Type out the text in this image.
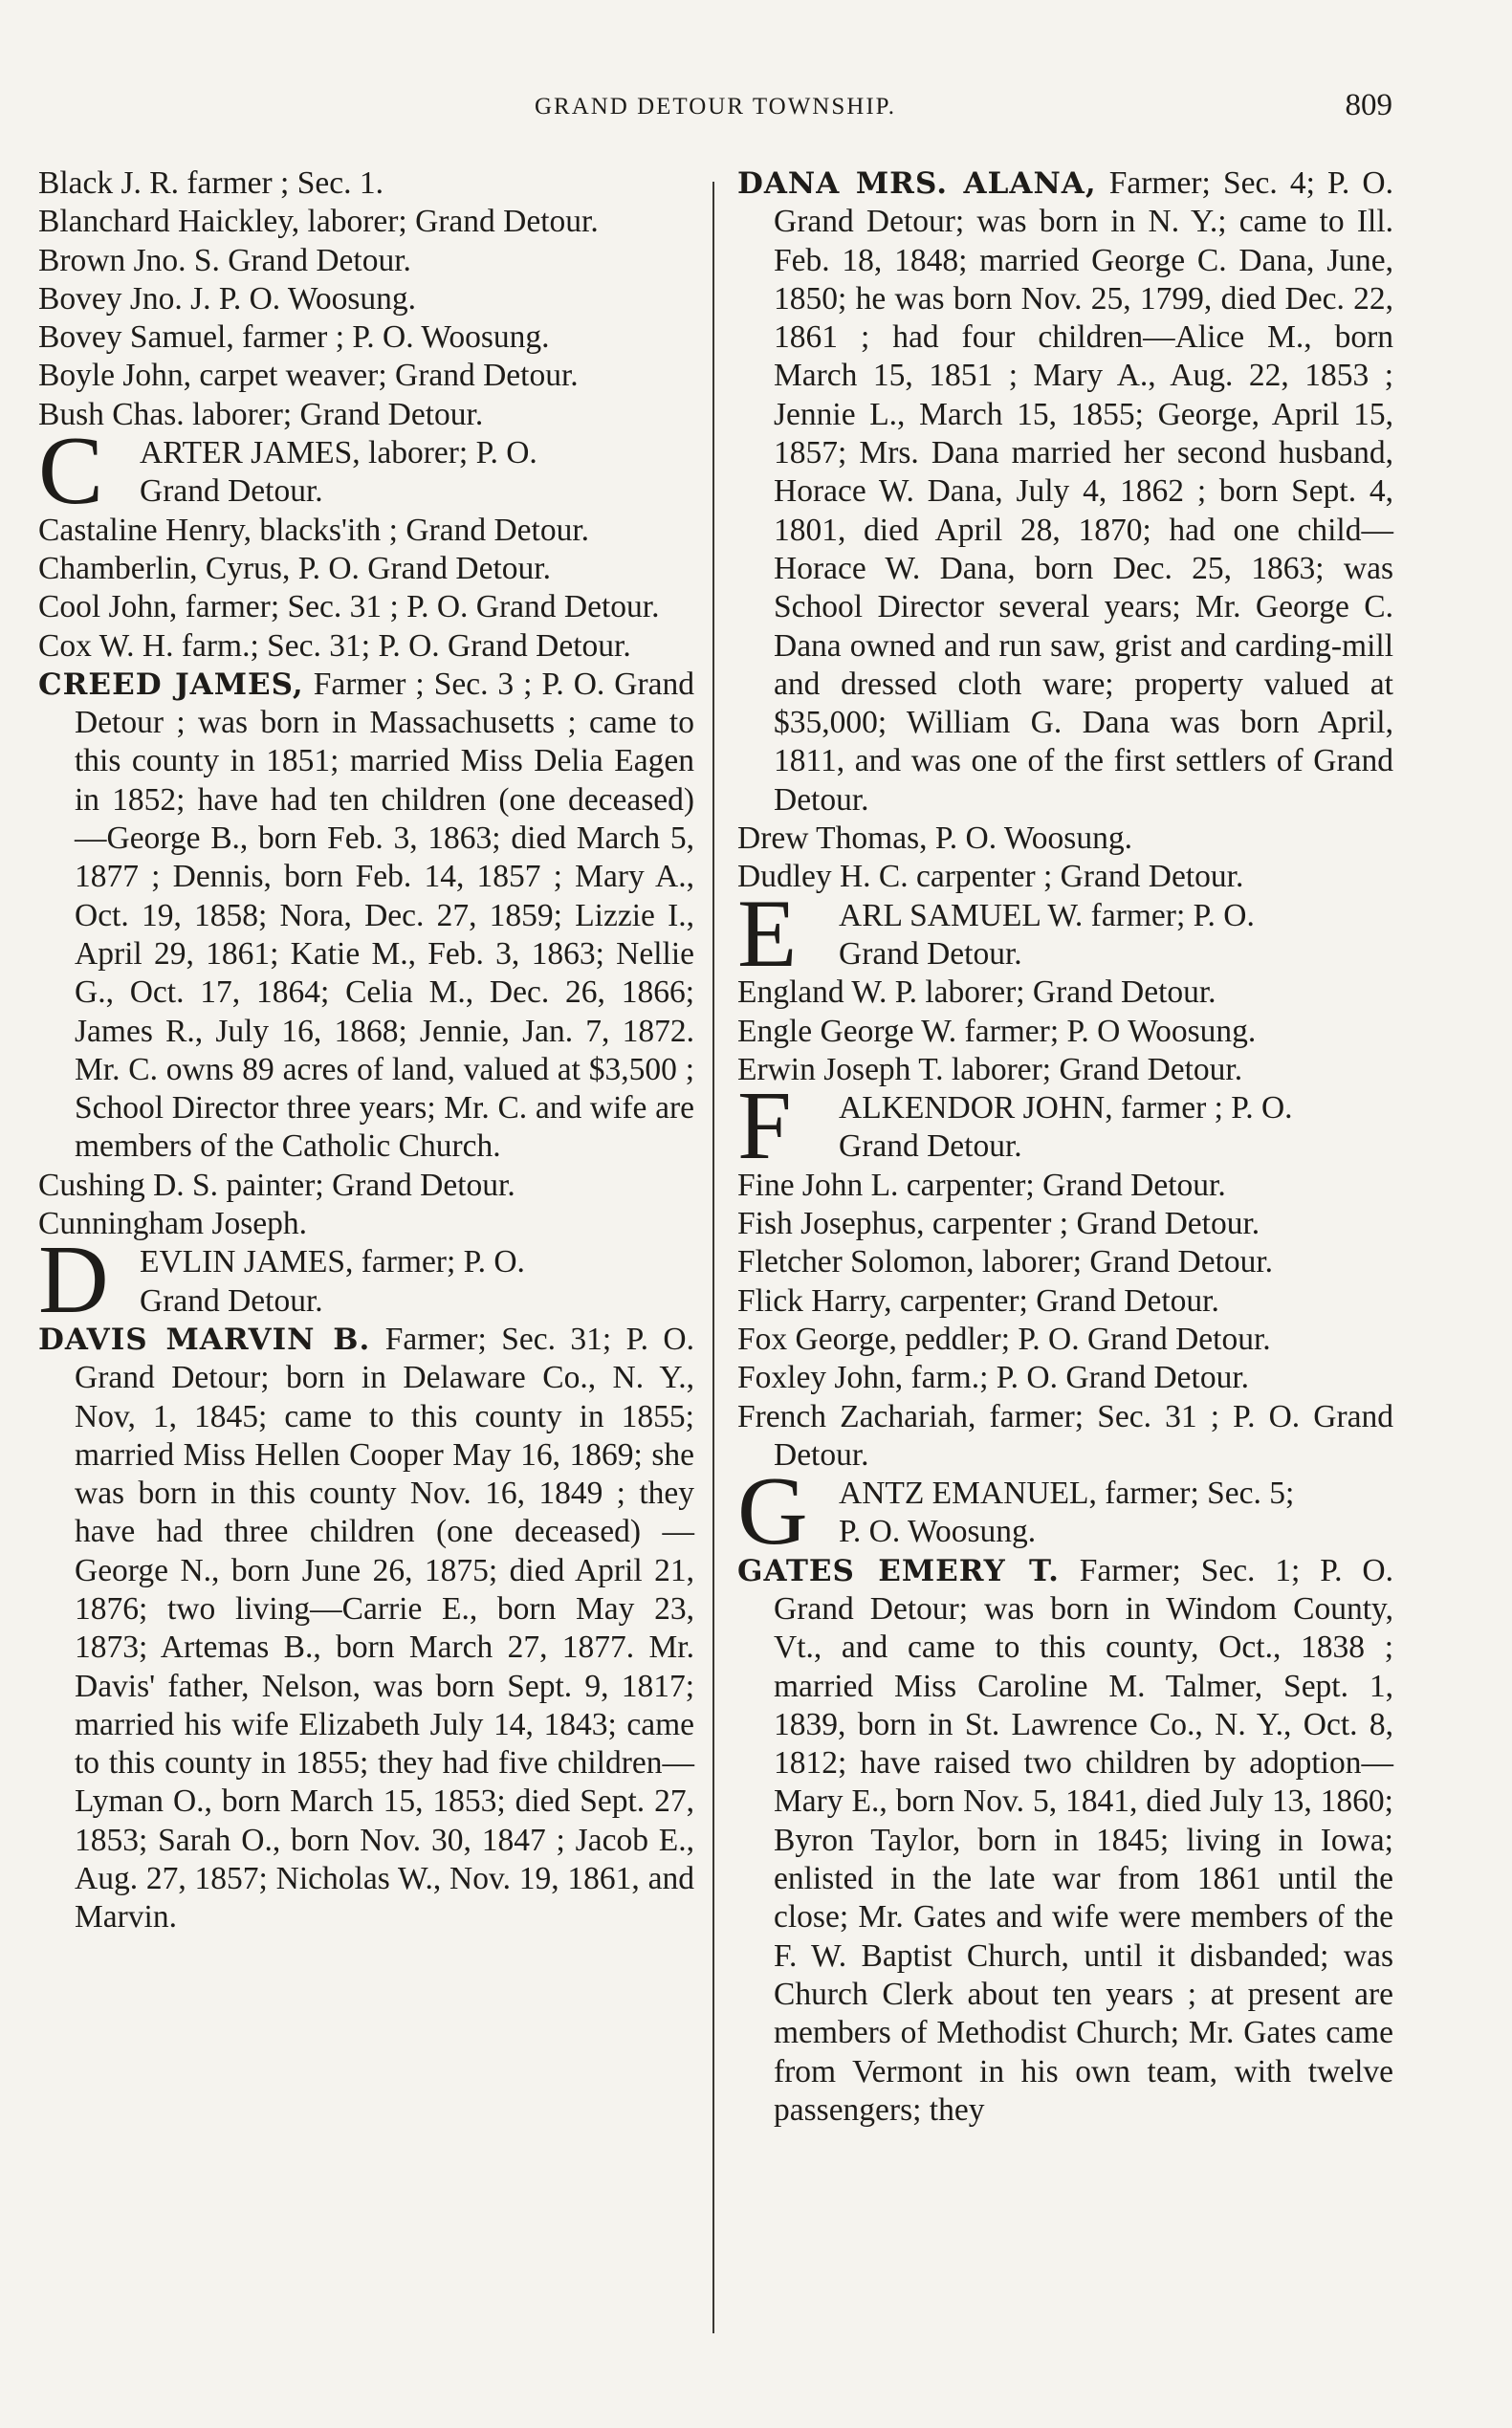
GRAND DETOUR TOWNSHIP.	809
Black J. R. farmer ; Sec. 1.
Blanchard Haickley, laborer; Grand Detour.
Brown Jno. S. Grand Detour.
Bovey Jno. J. P. O. Woosung.
Bovey Samuel, farmer ; P. O. Woosung.
Boyle John, carpet weaver; Grand Detour.
Bush Chas. laborer; Grand Detour.
C ARTER JAMES, laborer; P. O.
Grand Detour.
Castaline Henry, blacks'ith ; Grand Detour.
Chamberlin, Cyrus, P. O. Grand Detour.
Cool John, farmer; Sec. 31 ; P. O. Grand Detour.
Cox W. H. farm.; Sec. 31; P. O. Grand Detour.
CREED JAMES, Farmer ; Sec. 3 ; P. O. Grand Detour ; was born in Massachusetts ; came to this county in 1851; married Miss Delia Eagen in 1852; have had ten children (one deceased)—George B., born Feb. 3, 1863; died March 5, 1877 ; Dennis, born Feb. 14, 1857 ; Mary A., Oct. 19, 1858; Nora, Dec. 27, 1859; Lizzie I., April 29, 1861; Katie M., Feb. 3, 1863; Nellie G., Oct. 17, 1864; Celia M., Dec. 26, 1866; James R., July 16, 1868; Jennie, Jan. 7, 1872. Mr. C. owns 89 acres of land, valued at $3,500 ; School Director three years; Mr. C. and wife are members of the Catholic Church.
Cushing D. S. painter; Grand Detour.
Cunningham Joseph.
D EVLIN JAMES, farmer; P. O.
Grand Detour.
DAVIS MARVIN B. Farmer; Sec. 31; P. O. Grand Detour; born in Delaware Co., N. Y., Nov, 1, 1845; came to this county in 1855; married Miss Hellen Cooper May 16, 1869; she was born in this county Nov. 16, 1849 ; they have had three children (one deceased) —George N., born June 26, 1875; died April 21, 1876; two living—Carrie E., born May 23, 1873; Artemas B., born March 27, 1877. Mr. Davis' father, Nelson, was born Sept. 9, 1817; married his wife Elizabeth July 14, 1843; came to this county in 1855; they had five children—Lyman O., born March 15, 1853; died Sept. 27, 1853; Sarah O., born Nov. 30, 1847 ; Jacob E., Aug. 27, 1857; Nicholas W., Nov. 19, 1861, and Marvin.
DANA MRS. ALANA, Farmer; Sec. 4; P. O. Grand Detour; was born in N. Y.; came to Ill. Feb. 18, 1848; married George C. Dana, June, 1850; he was born Nov. 25, 1799, died Dec. 22, 1861 ; had four children—Alice M., born March 15, 1851 ; Mary A., Aug. 22, 1853 ; Jennie L., March 15, 1855; George, April 15, 1857; Mrs. Dana married her second husband, Horace W. Dana, July 4, 1862 ; born Sept. 4, 1801, died April 28, 1870; had one child—Horace W. Dana, born Dec. 25, 1863; was School Director several years; Mr. George C. Dana owned and run saw, grist and carding-mill and dressed cloth ware; property valued at $35,000; William G. Dana was born April, 1811, and was one of the first settlers of Grand Detour.
Drew Thomas, P. O. Woosung.
Dudley H. C. carpenter ; Grand Detour.
E ARL SAMUEL W. farmer; P. O.
Grand Detour.
England W. P. laborer; Grand Detour.
Engle George W. farmer; P. O Woosung.
Erwin Joseph T. laborer; Grand Detour.
F ALKENDOR JOHN, farmer ; P. O.
Grand Detour.
Fine John L. carpenter; Grand Detour.
Fish Josephus, carpenter ; Grand Detour.
Fletcher Solomon, laborer; Grand Detour.
Flick Harry, carpenter; Grand Detour.
Fox George, peddler; P. O. Grand Detour.
Foxley John, farm.; P. O. Grand Detour.
French Zachariah, farmer; Sec. 31 ; P. O. Grand Detour.
G ANTZ EMANUEL, farmer; Sec. 5;
P. O. Woosung.
GATES EMERY T. Farmer; Sec. 1; P. O. Grand Detour; was born in Windom County, Vt., and came to this county, Oct., 1838 ; married Miss Caroline M. Talmer, Sept. 1, 1839, born in St. Lawrence Co., N. Y., Oct. 8, 1812; have raised two children by adoption—Mary E., born Nov. 5, 1841, died July 13, 1860; Byron Taylor, born in 1845; living in Iowa; enlisted in the late war from 1861 until the close; Mr. Gates and wife were members of the F. W. Baptist Church, until it disbanded; was Church Clerk about ten years ; at present are members of Methodist Church; Mr. Gates came from Vermont in his own team, with twelve passengers; they
